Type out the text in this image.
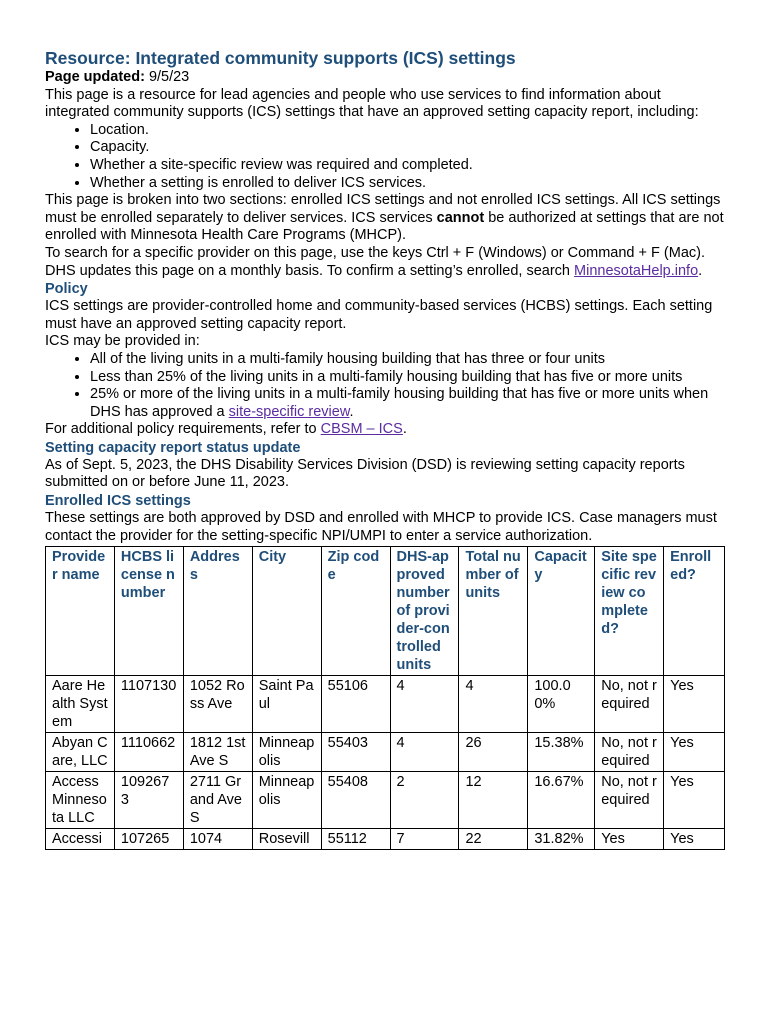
Resource: Integrated community supports (ICS) settings

Page updated: 9/5/23

This page is a resource for lead agencies and people who use services to find information about integrated community supports (ICS) settings that have an approved setting capacity report, including:

• Location.
• Capacity.
• Whether a site-specific review was required and completed.
• Whether a setting is enrolled to deliver ICS services.

This page is broken into two sections: enrolled ICS settings and not enrolled ICS settings. All ICS settings must be enrolled separately to deliver services. ICS services cannot be authorized at settings that are not enrolled with Minnesota Health Care Programs (MHCP).

To search for a specific provider on this page, use the keys Ctrl + F (Windows) or Command + F (Mac).

DHS updates this page on a monthly basis. To confirm a setting’s enrolled, search MinnesotaHelp.info.

Policy

ICS settings are provider-controlled home and community-based services (HCBS) settings. Each setting must have an approved setting capacity report.

ICS may be provided in:

• All of the living units in a multi-family housing building that has three or four units
• Less than 25% of the living units in a multi-family housing building that has five or more units
• 25% or more of the living units in a multi-family housing building that has five or more units when DHS has approved a site-specific review.

For additional policy requirements, refer to CBSM – ICS.

Setting capacity report status update

As of Sept. 5, 2023, the DHS Disability Services Division (DSD) is reviewing setting capacity reports submitted on or before June 11, 2023.

Enrolled ICS settings

These settings are both approved by DSD and enrolled with MHCP to provide ICS. Case managers must contact the provider for the setting-specific NPI/UMPI to enter a service authorization.

Provider name	HCBS license number	Address	City	Zip code	DHS-approved number of provider-controlled units	Total number of units	Capacity	Site specific review completed?	Enrolled?
Aare Health System	1107130	1052 Ross Ave	Saint Paul	55106	4	4	100.00%	No, not required	Yes
Abyan Care, LLC	1110662	1812 1st Ave S	Minneapolis	55403	4	26	15.38%	No, not required	Yes
Access Minnesota LLC	1092673	2711 Grand Ave S	Minneapolis	55408	2	12	16.67%	No, not required	Yes
Accessi	107265	1074	Rosevill	55112	7	22	31.82%	Yes	Yes
